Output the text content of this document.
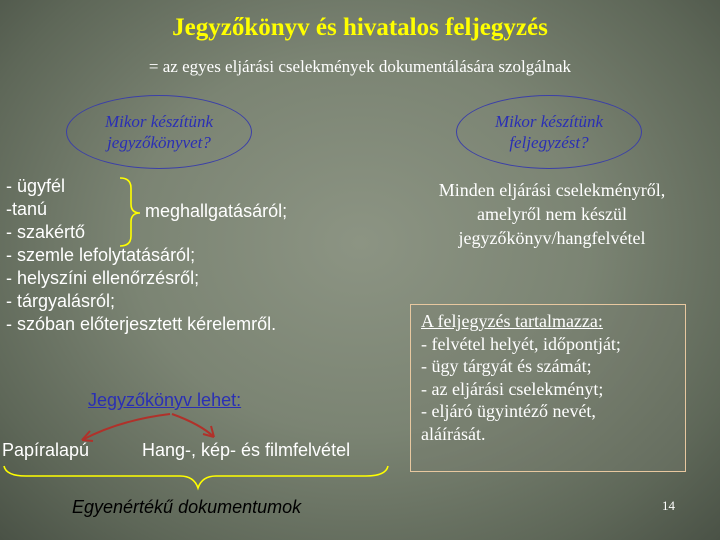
Jegyzőkönyv és hivatalos feljegyzés
= az egyes eljárási cselekmények dokumentálására szolgálnak
Mikor készítünk
jegyzőkönyvet?
Mikor készítünk
feljegyzést?
- ügyfél
-tanú
- szakértő
- szemle lefolytatásáról;
- helyszíni ellenőrzésről;
- tárgyalásról;
- szóban előterjesztett kérelemről.
meghallgatásáról;
Minden eljárási cselekményről,
amelyről nem készül
jegyzőkönyv/hangfelvétel
A feljegyzés tartalmazza:
- felvétel helyét, időpontját;
- ügy tárgyát és számát;
- az eljárási cselekményt;
- eljáró ügyintéző nevét,
aláírását.
Jegyzőkönyv lehet:
Papíralapú	Hang-, kép- és filmfelvétel
Egyenértékű dokumentumok	14
